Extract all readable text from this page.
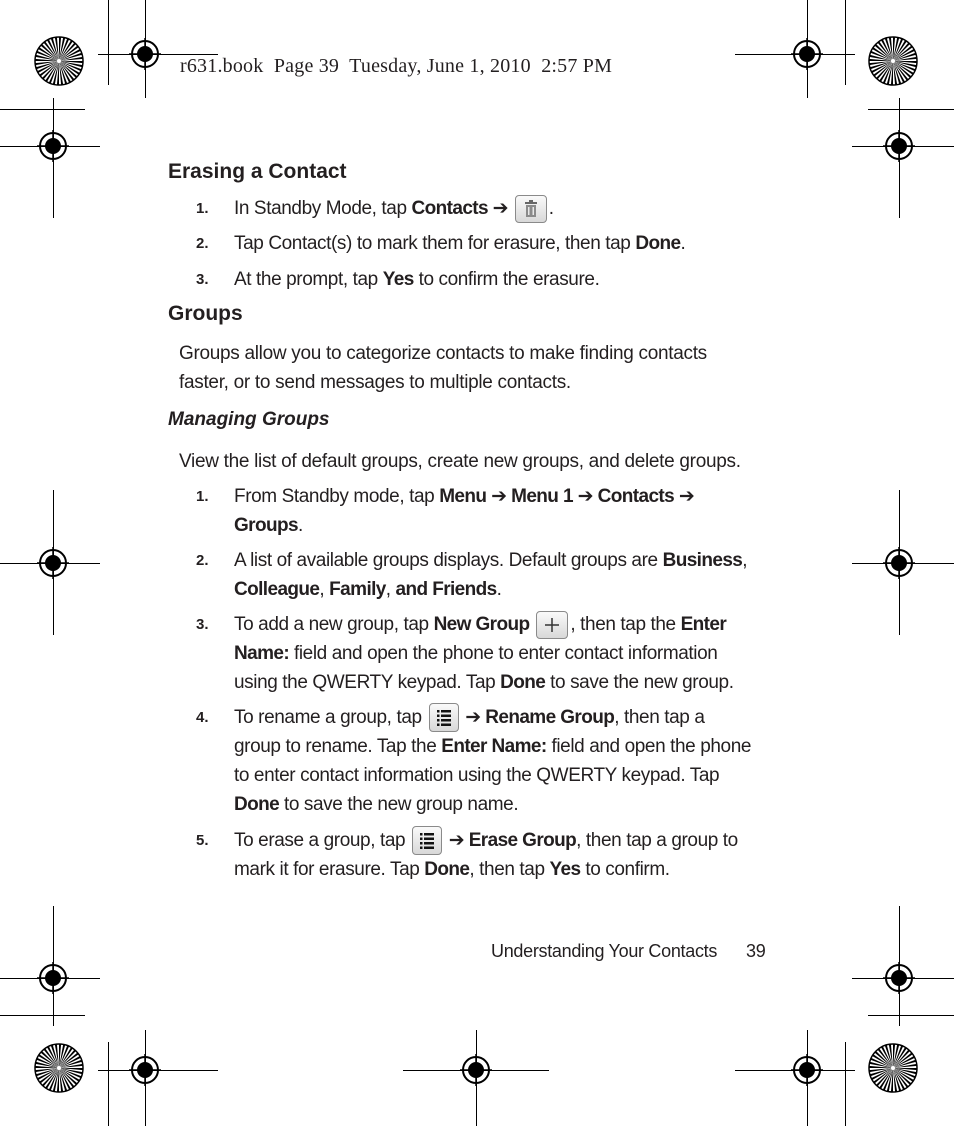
r631.book  Page 39  Tuesday, June 1, 2010  2:57 PM
Erasing a Contact
1. In Standby Mode, tap Contacts ➔
.
2. Tap Contact(s) to mark them for erasure, then tap Done.
3. At the prompt, tap Yes to confirm the erasure.
Groups
Groups allow you to categorize contacts to make finding contacts
faster, or to send messages to multiple contacts.
Managing Groups
View the list of default groups, create new groups, and delete groups.
1. From Standby mode, tap Menu ➔ Menu 1 ➔ Contacts ➔
Groups.
2. A list of available groups displays. Default groups are Business,
Colleague, Family, and Friends.
3. To add a new group, tap New Group , then tap the Enter
Name: field and open the phone to enter contact information
using the QWERTY keypad. Tap Done to save the new group.
4. To rename a group, tap
➔ Rename Group, then tap a
group to rename. Tap the Enter Name: field and open the phone
to enter contact information using the QWERTY keypad. Tap
Done to save the new group name.
5. To erase a group, tap
➔ Erase Group, then tap a group to
mark it for erasure. Tap Done, then tap Yes to confirm.
Understanding Your Contacts 39
